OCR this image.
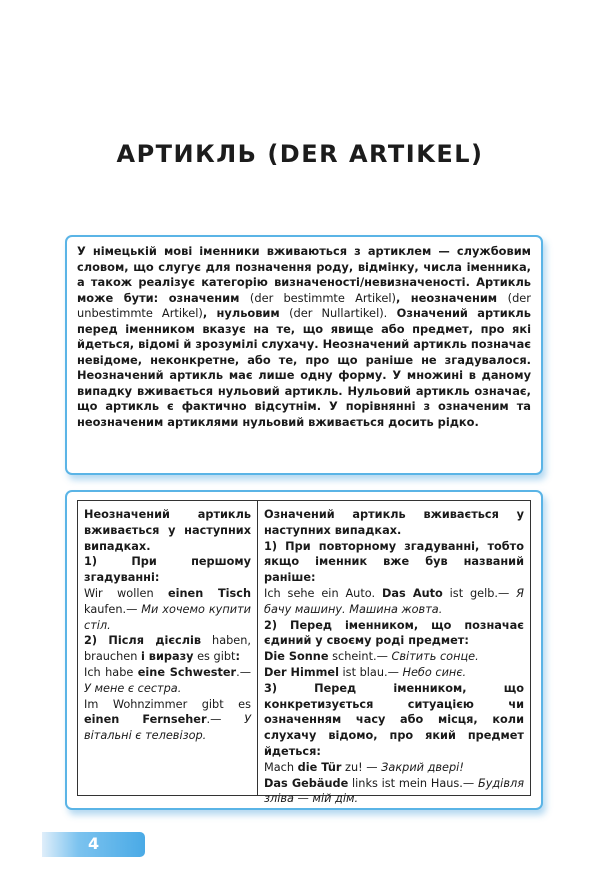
АРТИКЛЬ (DER ARTIKEL)
У німецькій мові іменники вживаються з артиклем — службовим словом, що слугує для позначення роду, відмінку, числа іменника, а також реалізує категорію визначеності/невизначеності. Артикль може бути: означеним (der bestimmte Artikel), неозначеним (der unbestimmte Artikel), нульовим (der Nullartikel). Означений артикль перед іменником вказує на те, що явище або предмет, про які йдеться, відомі й зрозумілі слухачу. Неозначений артикль позначає невідоме, неконкретне, або те, про що раніше не згадувалося. Неозначений артикль має лише одну форму. У множині в даному випадку вживається нульовий артикль. Нульовий артикль означає, що артикль є фактично відсутнім. У порівнянні з означеним та неозначеним артиклями нульовий вживається досить рідко.

Неозначений артикль вживається у наступних випадках.

1) При першому згадуванні:

Wir wollen einen Tisch kaufen.— Ми хочемо купити стіл.

2) Після дієслів haben, brauchen і виразу es gibt:

Ich habe eine Schwester.— У мене є сестра.

Im Wohnzimmer gibt es einen Fernseher.— У вітальні є телевізор.

Означений артикль вживається у наступних випадках.

1) При повторному згадуванні, тобто якщо іменник вже був названий раніше:

Ich sehe ein Auto. Das Auto ist gelb.— Я бачу машину. Машина жовта.

2) Перед іменником, що позначає єдиний у своєму роді предмет:

Die Sonne scheint.— Світить сонце.

Der Himmel ist blau.— Небо синє.

3) Перед іменником, що конкретизується ситуацією чи означенням часу або місця, коли слухачу відомо, про який предмет йдеться:

Mach die Tür zu! — Закрий двері!

Das Gebäude links ist mein Haus.— Будівля зліва — мій дім.

4
